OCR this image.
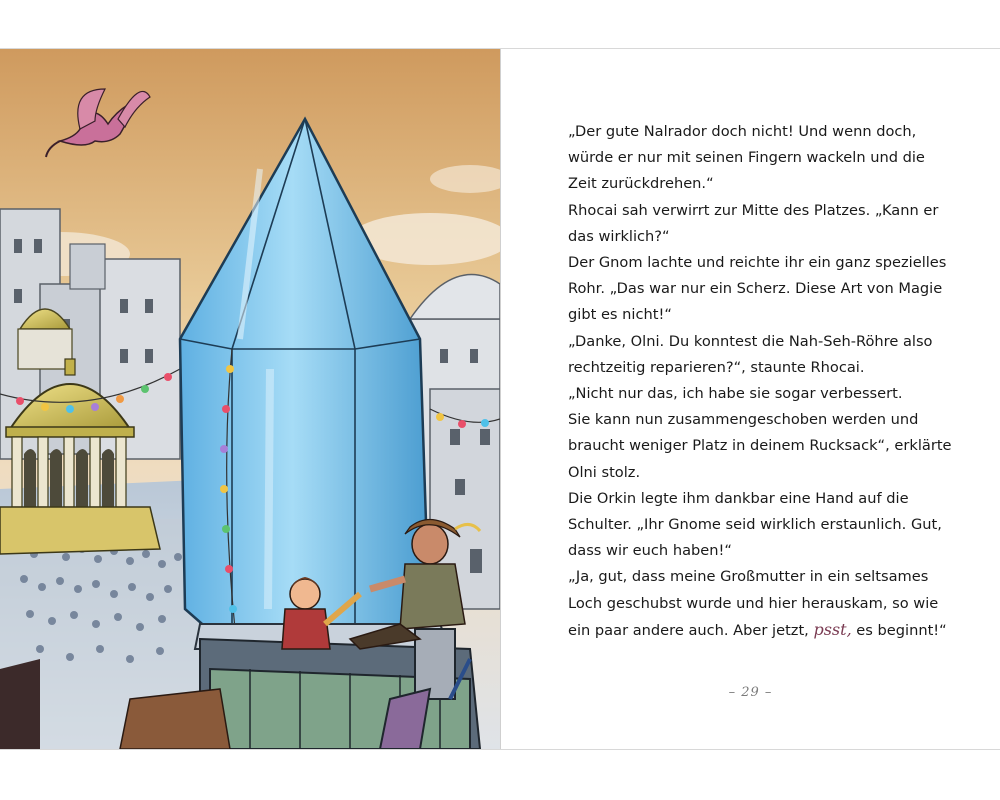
„Der gute Nalrador doch nicht! Und wenn doch,
würde er nur mit seinen Fingern wackeln und die
Zeit zurückdrehen.“
Rhocai sah verwirrt zur Mitte des Platzes. „Kann er
das wirklich?“
Der Gnom lachte und reichte ihr ein ganz spezielles
Rohr. „Das war nur ein Scherz. Diese Art von Magie
gibt es nicht!“
„Danke, Olni. Du konntest die Nah-Seh-Röhre also
rechtzeitig reparieren?“, staunte Rhocai.
„Nicht nur das, ich habe sie sogar verbessert.
Sie kann nun zusammengeschoben werden und
braucht weniger Platz in deinem Rucksack“, erklärte
Olni stolz.
Die Orkin legte ihm dankbar eine Hand auf die
Schulter. „Ihr Gnome seid wirklich erstaunlich. Gut,
dass wir euch haben!“
„Ja, gut, dass meine Großmutter in ein seltsames
Loch geschubst wurde und hier herauskam, so wie
ein paar andere auch. Aber jetzt, psst, es beginnt!“
– 29 –
